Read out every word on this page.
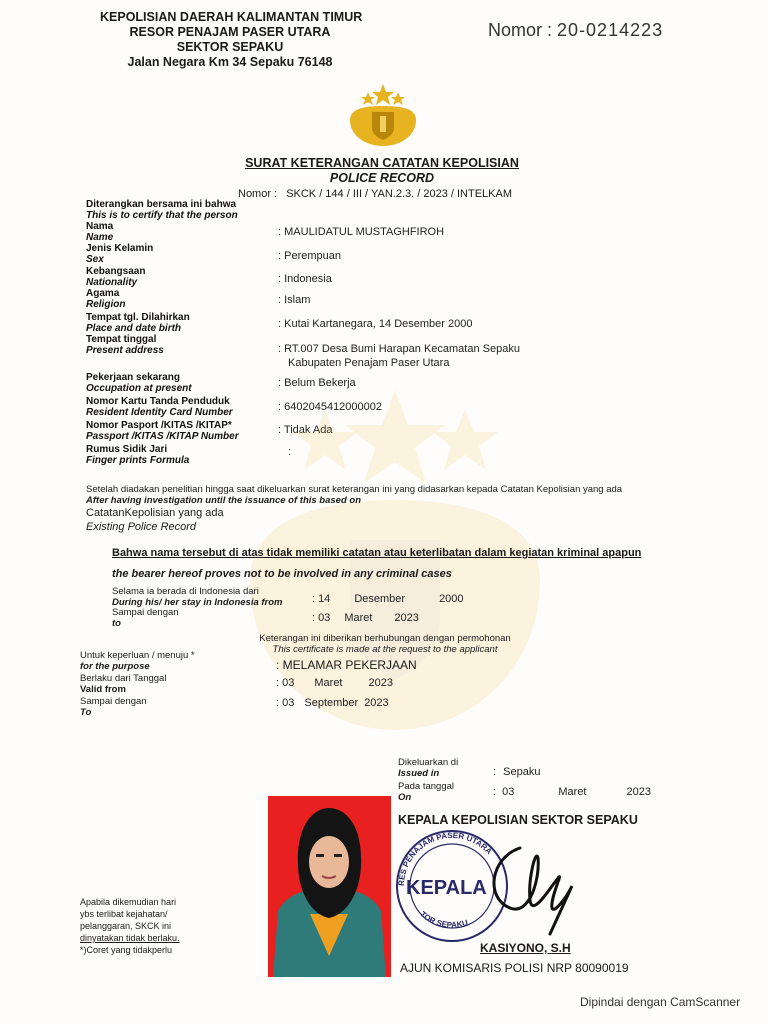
KEPOLISIAN DAERAH KALIMANTAN TIMUR
RESOR PENAJAM PASER UTARA
SEKTOR SEPAKU
Jalan Negara Km 34 Sepaku 76148
Nomor : 20-0214223
SURAT KETERANGAN CATATAN KEPOLISIAN
POLICE RECORD
Nomor : SKCK / 144 / III / YAN.2.3. / 2023 / INTELKAM
Diterangkan bersama ini bahwa
This is to certify that the person
Nama
Name	: MAULIDATUL MUSTAGHFIROH
Jenis Kelamin
Sex	: Perempuan
Kebangsaan
Nationality	: Indonesia
Agama
Religion	: Islam
Tempat tgl. Dilahirkan
Place and date birth	: Kutai Kartanegara, 14 Desember 2000
Tempat tinggal
Present address	: RT.007 Desa Bumi Harapan Kecamatan Sepaku
Kabupaten Penajam Paser Utara
Pekerjaan sekarang
Occupation at present	: Belum Bekerja
Nomor Kartu Tanda Penduduk
Resident Identity Card Number	: 6402045412000002
Nomor Pasport /KITAS /KITAP*
Passport /KITAS /KITAP Number
: Tidak Ada
Rumus Sidik Jari
Finger prints Formula
:
Setelah diadakan penelitian hingga saat dikeluarkan surat keterangan ini yang didasarkan kepada Catatan Kepolisian yang ada
After having investigation until the issuance of this based on
CatatanKepolisian yang ada
Existing Police Record
Bahwa nama tersebut di atas tidak memiliki catatan atau keterlibatan dalam kegiatan kriminal apapun
the bearer hereof proves not to be involved in any criminal cases
Selama ia berada di Indonesia dari
During his/ her stay in Indonesia from	: 14 Desember	2000
Sampai dengan
to	: 03 Maret 2023
Keterangan ini diberikan berhubungan dengan permohonan
This certificate is made at the request to the applicant
Untuk keperluan / menuju *
for the purpose	: MELAMAR PEKERJAAN
Berlaku dari Tanggal
Valid from
: 03 Maret 2023
Sampai dengan
To
: 03 September 2023
Dikeluarkan di
Issued in	: Sepaku
Pada tanggal
On	: 03	Maret	2023
KEPALA KEPOLISIAN SEKTOR SEPAKU
KEPALA
RES PENAJAM PASER UTARA
TOR SEPAKU
KASIYONO, S.H
AJUN KOMISARIS POLISI NRP 80090019
Apabila dikemudian hari
ybs terlibat kejahatan/
pelanggaran, SKCK ini
dinyatakan tidak berlaku.
*)Coret yang tidakperlu
Dipindai dengan CamScanner
